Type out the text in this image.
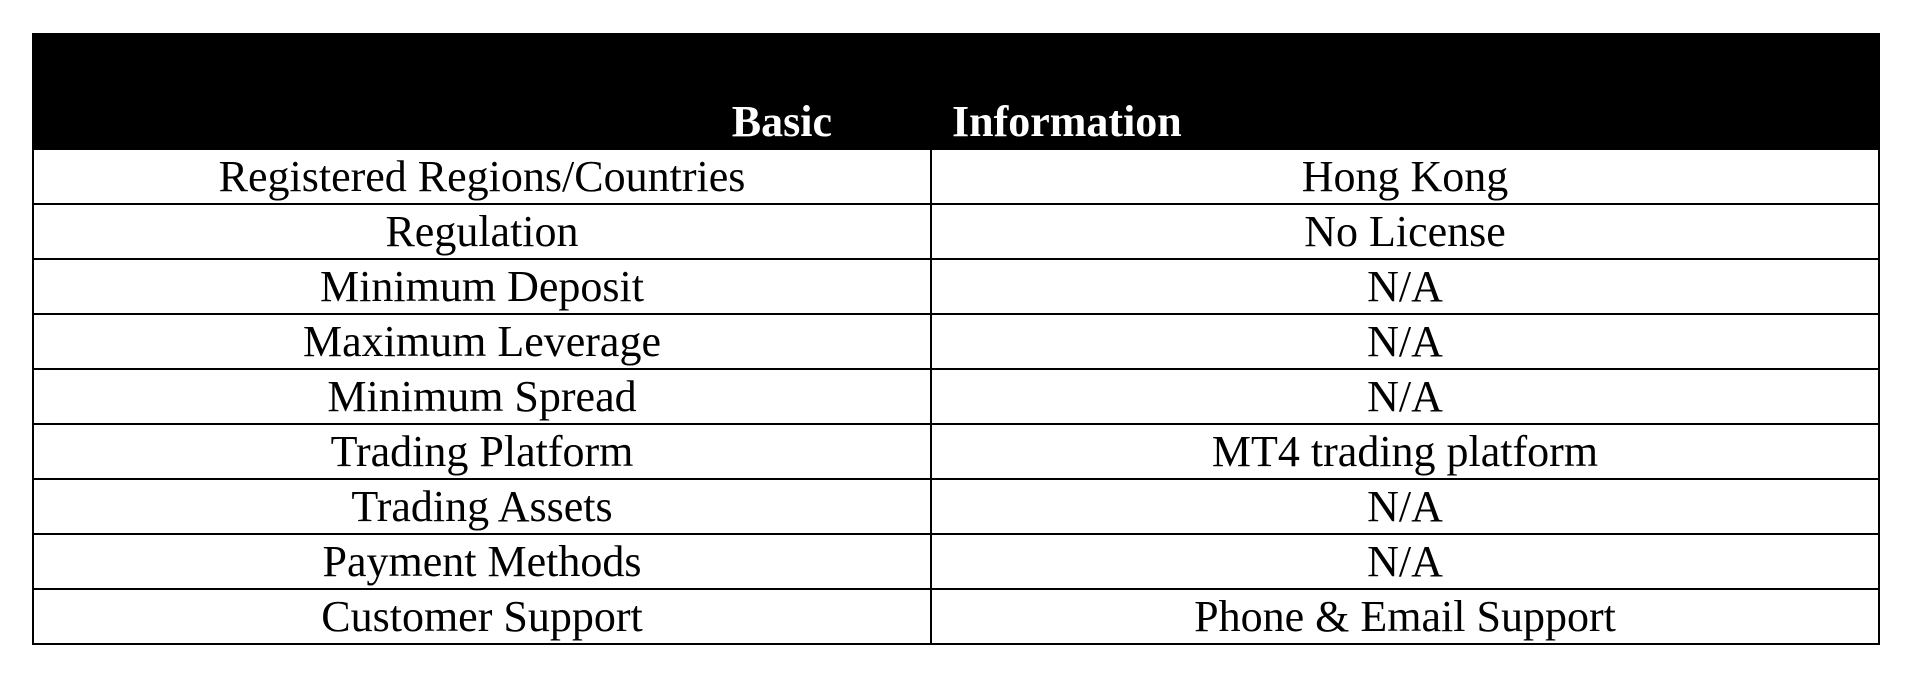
Basic	Information
Registered Regions/Countries	Hong Kong
Regulation	No License
Minimum Deposit	N/A
Maximum Leverage	N/A
Minimum Spread	N/A
Trading Platform	MT4 trading platform
Trading Assets	N/A
Payment Methods	N/A
Customer Support	Phone & Email Support
